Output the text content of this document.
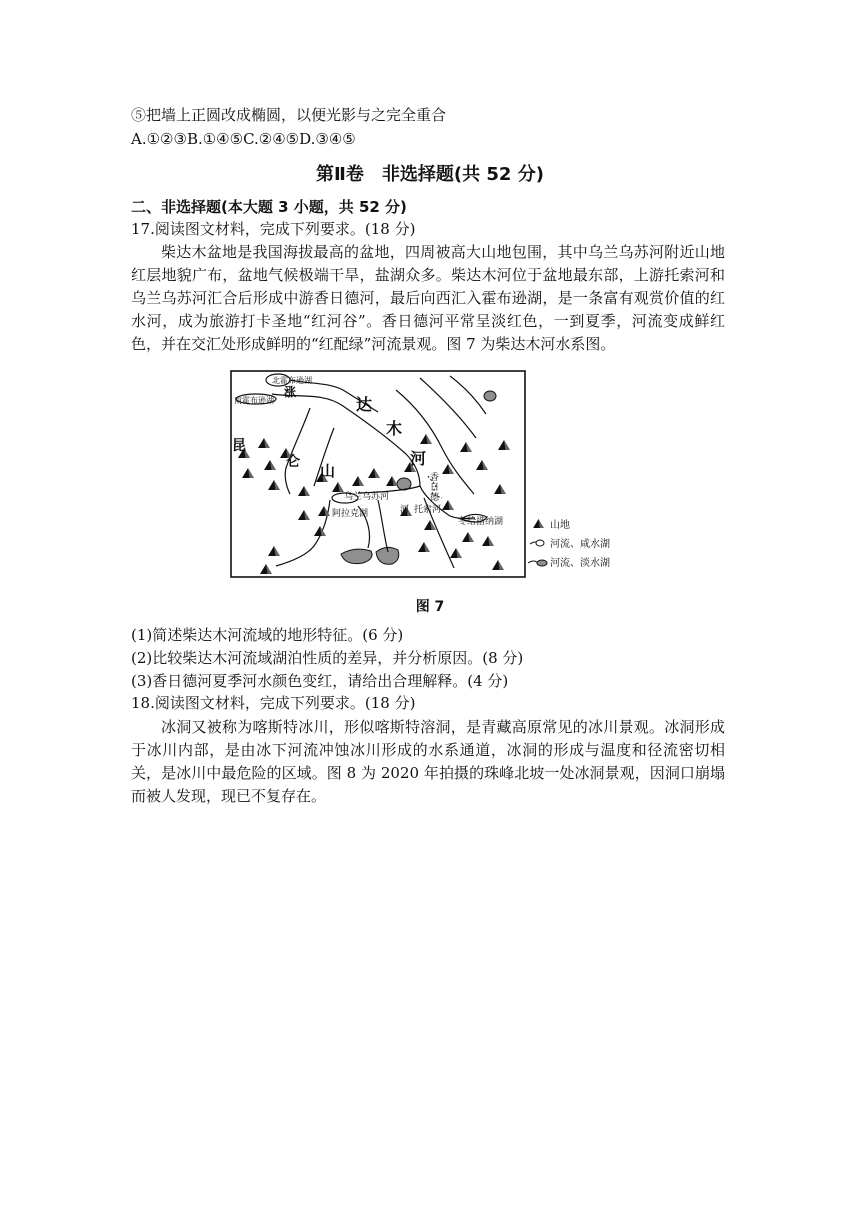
⑤把墙上正圆改成椭圆，以便光影与之完全重合
A.①②③B.①④⑤C.②④⑤D.③④⑤
第Ⅱ卷　非选择题(共 52 分)
二、非选择题(本大题 3 小题，共 52 分)
17.阅读图文材料，完成下列要求。(18 分)
柴达木盆地是我国海拔最高的盆地，四周被高大山地包围，其中乌兰乌苏河附近山地红层地貌广布，盆地气候极端干旱，盐湖众多。柴达木河位于盆地最东部，上游托索河和乌兰乌苏河汇合后形成中游香日德河，最后向西汇入霍布逊湖，是一条富有观赏价值的红水河，成为旅游打卡圣地“红河谷”。香日德河平常呈淡红色，一到夏季，河流变成鲜红色，并在交汇处形成鲜明的“红配绿”河流景观。图 7 为柴达木河水系图。
北霍布逊湖
南霍布逊湖
涨
达
木
河
昆
仑 山	香
日
德
乌兰乌苏河
托索河
河
阿拉克湖
冬给措纳湖	山地
河流、咸水湖
河流、淡水湖
图 7
(1)简述柴达木河流域的地形特征。(6 分)
(2)比较柴达木河流域湖泊性质的差异，并分析原因。(8 分)
(3)香日德河夏季河水颜色变红，请给出合理解释。(4 分)
18.阅读图文材料，完成下列要求。(18 分)
冰洞又被称为喀斯特冰川，形似喀斯特溶洞，是青藏高原常见的冰川景观。冰洞形成于冰川内部，是由冰下河流冲蚀冰川形成的水系通道，冰洞的形成与温度和径流密切相关，是冰川中最危险的区域。图 8 为 2020 年拍摄的珠峰北坡一处冰洞景观，因洞口崩塌而被人发现，现已不复存在。
